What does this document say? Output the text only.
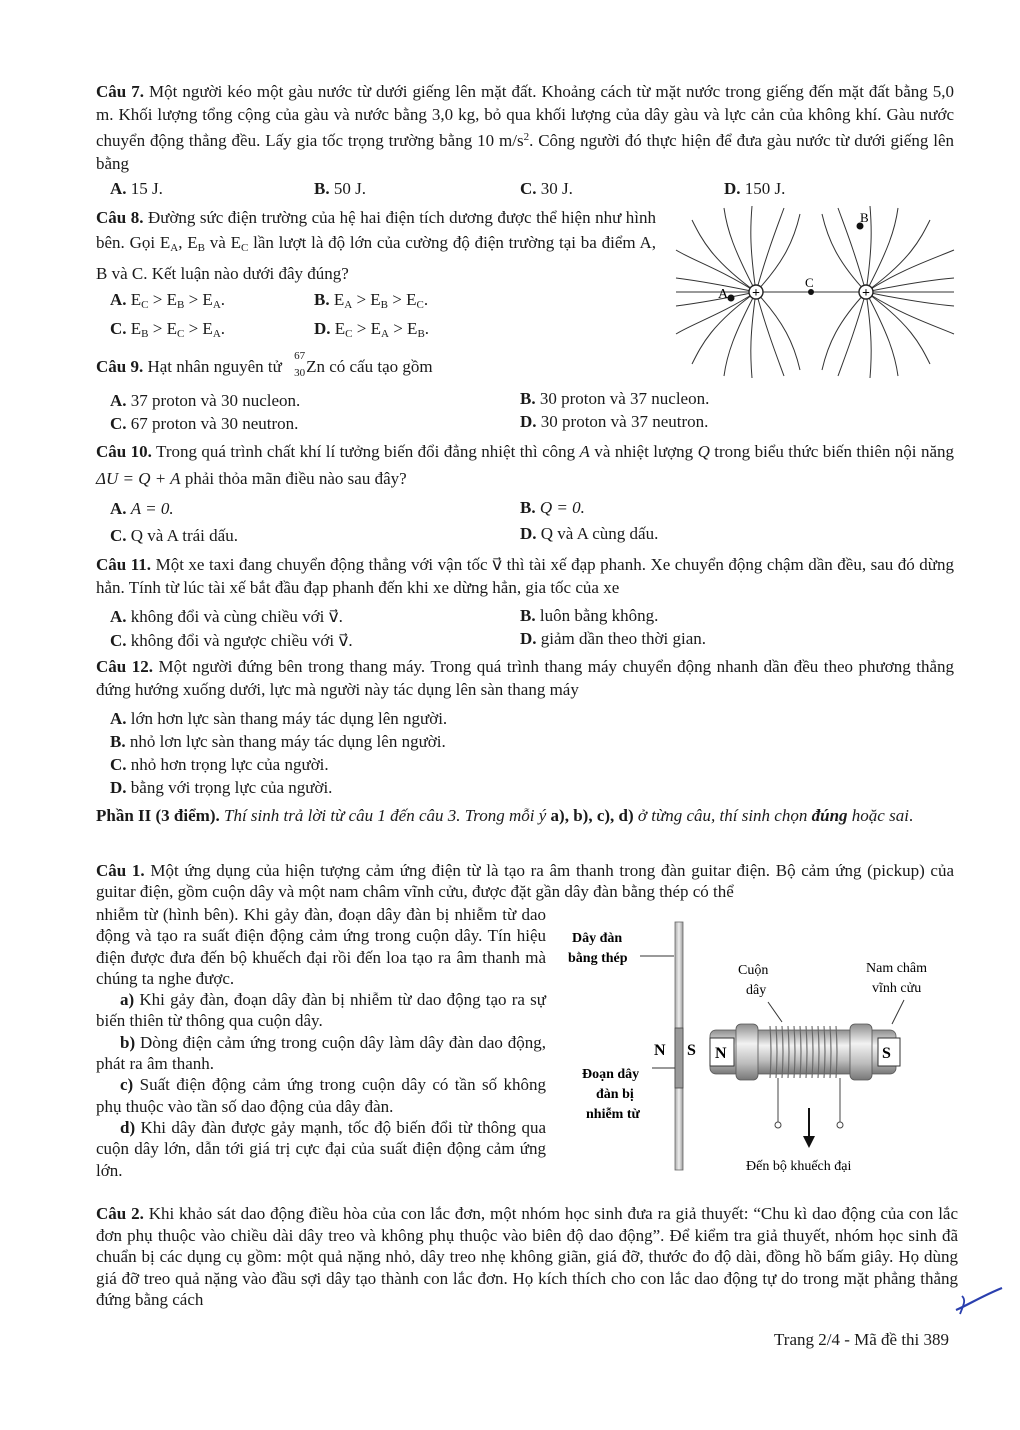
Câu 7. Một người kéo một gàu nước từ dưới giếng lên mặt đất. Khoảng cách từ mặt nước trong giếng đến mặt đất bằng 5,0 m. Khối lượng tổng cộng của gàu và nước bằng 3,0 kg, bỏ qua khối lượng của dây gàu và lực cản của không khí. Gàu nước chuyển động thẳng đều. Lấy gia tốc trọng trường bằng 10 $m/s^2$. Công người đó thực hiện để đưa gàu nước từ dưới giếng lên bằng
A. 15 J.	B. 50 J.	C. 30 J.	D. 150 J.
Câu 8. Đường sức điện trường của hệ hai điện tích dương được thể hiện như hình bên. Gọi $E_A$, $E_B$ và $E_C$ lần lượt là độ lớn của cường độ điện trường tại ba điểm A, B và C. Kết luận nào dưới đây đúng?
A. $E_C > E_B > E_A$.	B. $E_A > E_B > E_C$.
C. $E_B > E_C > E_A$.	D. $E_C > E_A > E_B$.
+	+
A
B
C
Câu 9. Hạt nhân nguyên tử
67
30 Zn có cấu tạo gồm
A. 37 proton và 30 nucleon.	B. 30 proton và 37 nucleon.
C. 67 proton và 30 neutron.	D. 30 proton và 37 neutron.
Câu 10. Trong quá trình chất khí lí tưởng biến đổi đẳng nhiệt thì công A và nhiệt lượng Q trong biểu thức biến thiên nội năng ΔU = Q + A phải thỏa mãn điều nào sau đây?
A. A = 0.	B. Q = 0.
C. Q và A trái dấu.	D. Q và A cùng dấu.
Câu 11. Một xe taxi đang chuyển động thẳng với vận tốc v⃗ thì tài xế đạp phanh. Xe chuyển động chậm dần đều, sau đó dừng hẳn. Tính từ lúc tài xế bắt đầu đạp phanh đến khi xe dừng hẳn, gia tốc của xe
A. không đổi và cùng chiều với v⃗.	B. luôn bằng không.
C. không đổi và ngược chiều với v⃗.	D. giảm dần theo thời gian.
Câu 12. Một người đứng bên trong thang máy. Trong quá trình thang máy chuyển động nhanh dần đều theo phương thẳng đứng hướng xuống dưới, lực mà người này tác dụng lên sàn thang máy
A. lớn hơn lực sàn thang máy tác dụng lên người.
B. nhỏ lơn lực sàn thang máy tác dụng lên người.
C. nhỏ hơn trọng lực của người.
D. bằng với trọng lực của người.
Phần II (3 điểm). Thí sinh trả lời từ câu 1 đến câu 3. Trong mỗi ý a), b), c), d) ở từng câu, thí sinh chọn đúng hoặc sai.
Câu 1. Một ứng dụng của hiện tượng cảm ứng điện từ là tạo ra âm thanh trong đàn guitar điện. Bộ cảm ứng (pickup) của guitar điện, gồm cuộn dây và một nam châm vĩnh cửu, được đặt gần dây đàn bằng thép có thể
nhiễm từ (hình bên). Khi gảy đàn, đoạn dây đàn bị nhiễm từ dao động và tạo ra suất điện động cảm ứng trong cuộn dây. Tín hiệu điện được đưa đến bộ khuếch đại rồi đến loa tạo ra âm thanh mà chúng ta nghe được.
a) Khi gảy đàn, đoạn dây đàn bị nhiễm từ dao động tạo ra sự biến thiên từ thông qua cuộn dây.
b) Dòng điện cảm ứng trong cuộn dây làm dây đàn dao động, phát ra âm thanh.
c) Suất điện động cảm ứng trong cuộn dây có tần số không phụ thuộc vào tần số dao động của dây đàn.
d) Khi dây đàn được gảy mạnh, tốc độ biến đổi từ thông qua cuộn dây lớn, dẫn tới giá trị cực đại của suất điện động cảm ứng lớn.
Dây đàn
bằng thép
Đoạn dây
đàn bị
nhiễm từ
N S N	S
Cuộn
dây
Nam châm
vĩnh cửu
Đến bộ khuếch đại
Câu 2. Khi khảo sát dao động điều hòa của con lắc đơn, một nhóm học sinh đưa ra giả thuyết: “Chu kì dao động của con lắc đơn phụ thuộc vào chiều dài dây treo và không phụ thuộc vào biên độ dao động”. Để kiểm tra giả thuyết, nhóm học sinh đã chuẩn bị các dụng cụ gồm: một quả nặng nhỏ, dây treo nhẹ không giãn, giá đỡ, thước đo độ dài, đồng hồ bấm giây. Họ dùng giá đỡ treo quả nặng vào đầu sợi dây tạo thành con lắc đơn. Họ kích thích cho con lắc dao động tự do trong mặt phẳng thẳng đứng bằng cách
Trang 2/4 - Mã đề thi 389
